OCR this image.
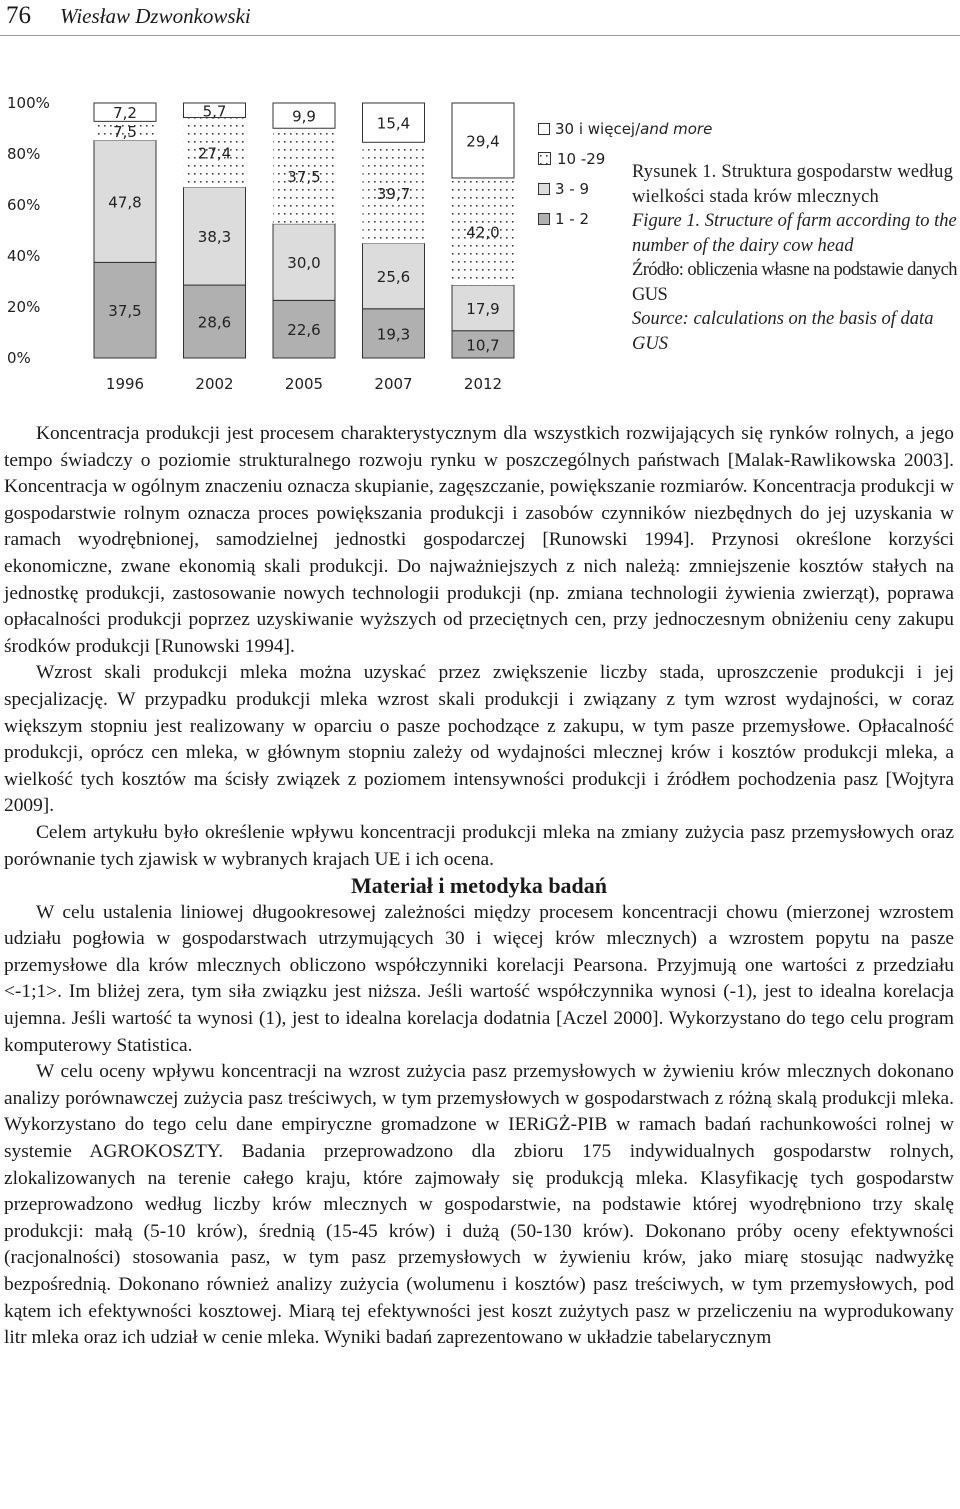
76 Wiesław Dzwonkowski
0%
20%
40%
60%
80%
100%
37,5
47,8
7,5
7,2
28,6
38,3
27,4
5,7
22,6
30,0
37,5
9,9
19,3
25,6
39,7
15,4
10,7
17,9
42,0
29,4
1996	2002	2005	2007	2012
30 i więcej/ and more
10 -29
3 - 9
1 - 2

Rysunek 1. Struktura gospodarstw według wielkości stada krów mlecznych

Figure 1. Structure of farm according to the number of the dairy cow head

Źródło: obliczenia własne na podstawie danych GUS

Source: calculations on the basis of data GUS

Koncentracja produkcji jest procesem charakterystycznym dla wszystkich rozwijających się rynków rolnych, a jego tempo świadczy o poziomie strukturalnego rozwoju rynku w poszczególnych państwach [Malak-Rawlikowska 2003]. Koncentracja w ogólnym znaczeniu oznacza skupianie, zagęszczanie, powiększanie rozmiarów. Koncentracja produkcji w gospodarstwie rolnym oznacza proces powiększania produkcji i zasobów czynników niezbędnych do jej uzyskania w ramach wyodrębnionej, samodzielnej jednostki gospodarczej [Runowski 1994]. Przynosi określone korzyści ekonomiczne, zwane ekonomią skali produkcji. Do najważniejszych z nich należą: zmniejszenie kosztów stałych na jednostkę produkcji, zastosowanie nowych technologii produkcji (np. zmiana technologii żywienia zwierząt), poprawa opłacalności produkcji poprzez uzyskiwanie wyższych od przeciętnych cen, przy jednoczesnym obniżeniu ceny zakupu środków produkcji [Runowski 1994].

Wzrost skali produkcji mleka można uzyskać przez zwiększenie liczby stada, uproszczenie produkcji i jej specjalizację. W przypadku produkcji mleka wzrost skali produkcji i związany z tym wzrost wydajności, w coraz większym stopniu jest realizowany w oparciu o pasze pochodzące z zakupu, w tym pasze przemysłowe. Opłacalność produkcji, oprócz cen mleka, w głównym stopniu zależy od wydajności mlecznej krów i kosztów produkcji mleka, a wielkość tych kosztów ma ścisły związek z poziomem intensywności produkcji i źródłem pochodzenia pasz [Wojtyra 2009].

Celem artykułu było określenie wpływu koncentracji produkcji mleka na zmiany zużycia pasz przemysłowych oraz porównanie tych zjawisk w wybranych krajach UE i ich ocena.

Materiał i metodyka badań

W celu ustalenia liniowej długookresowej zależności między procesem koncentracji chowu (mierzonej wzrostem udziału pogłowia w gospodarstwach utrzymujących 30 i więcej krów mlecznych) a wzrostem popytu na pasze przemysłowe dla krów mlecznych obliczono współczynniki korelacji Pearsona. Przyjmują one wartości z przedziału <-1;1>. Im bliżej zera, tym siła związku jest niższa. Jeśli wartość współczynnika wynosi (-1), jest to idealna korelacja ujemna. Jeśli wartość ta wynosi (1), jest to idealna korelacja dodatnia [Aczel 2000]. Wykorzystano do tego celu program komputerowy Statistica.

W celu oceny wpływu koncentracji na wzrost zużycia pasz przemysłowych w żywieniu krów mlecznych dokonano analizy porównawczej zużycia pasz treściwych, w tym przemysłowych w gospodarstwach z różną skalą produkcji mleka. Wykorzystano do tego celu dane empiryczne gromadzone w IERiGŻ-PIB w ramach badań rachunkowości rolnej w systemie AGROKOSZTY. Badania przeprowadzono dla zbioru 175 indywidualnych gospodarstw rolnych, zlokalizowanych na terenie całego kraju, które zajmowały się produkcją mleka. Klasyfikację tych gospodarstw przeprowadzono według liczby krów mlecznych w gospodarstwie, na podstawie której wyodrębniono trzy skalę produkcji: małą (5-10 krów), średnią (15-45 krów) i dużą (50-130 krów). Dokonano próby oceny efektywności (racjonalności) stosowania pasz, w tym pasz przemysłowych w żywieniu krów, jako miarę stosując nadwyżkę bezpośrednią. Dokonano również analizy zużycia (wolumenu i kosztów) pasz treściwych, w tym przemysłowych, pod kątem ich efektywności kosztowej. Miarą tej efektywności jest koszt zużytych pasz w przeliczeniu na wyprodukowany litr mleka oraz ich udział w cenie mleka. Wyniki badań zaprezentowano w układzie tabelarycznym
